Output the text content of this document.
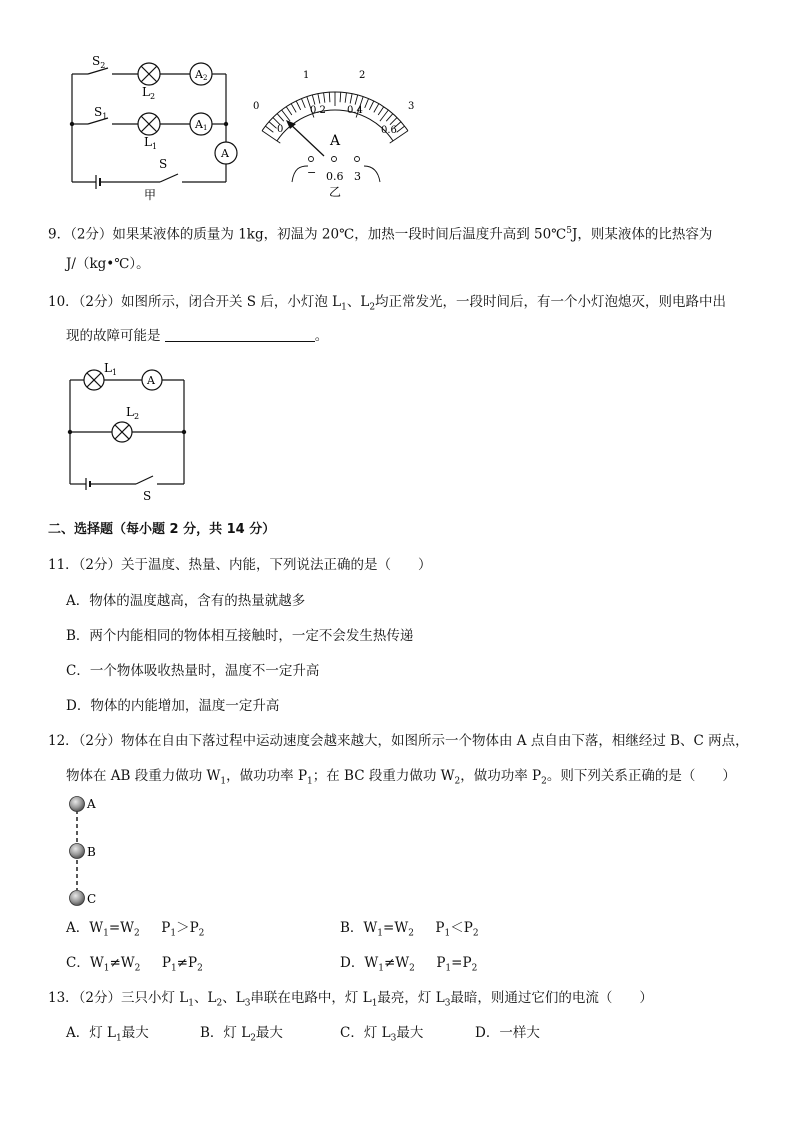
$S_2$
$L_2$
A2
$S_1$
$L_1$
A1
A
S
甲
0
1	2
3
0
0.2 0.4
0.6
A
− 0.6 3
乙
9．（2分）如果某液体的质量为 1kg，初温为 20℃，加热一段时间后温度升高到 50℃$^5$J，则某液体的比热容为
J/（kg•℃）。
10．（2分）如图所示，闭合开关 S 后，小灯泡 $L_1$、$L_2$均正常发光，一段时间后，有一个小灯泡熄灭，则电路中出
现的故障可能是	。
$L_1$
A
$L_2$
S
二、选择题（每小题 2 分，共 14 分）
11．（2分）关于温度、热量、内能，下列说法正确的是（　　）
A．物体的温度越高，含有的热量就越多
B．两个内能相同的物体相互接触时，一定不会发生热传递
C．一个物体吸收热量时，温度不一定升高
D．物体的内能增加，温度一定升高
12．（2分）物体在自由下落过程中运动速度会越来越大，如图所示一个物体由 A 点自由下落，相继经过 B、C 两点，
物体在 AB 段重力做功 $W_1$，做功功率 $P_1$；在 BC 段重力做功 $W_2$，做功功率 $P_2$。则下列关系正确的是（　　）
A
B
C
A．$W_1=W_2$ $P_1>P_2$	B．$W_1=W_2$ $P_1<P_2$
C．$W_1\ne W_2$ $P_1\ne P_2$	D．$W_1\ne W_2$ $P_1=P_2$
13．（2分）三只小灯 $L_1$、$L_2$、$L_3$串联在电路中，灯 $L_1$最亮，灯 $L_3$最暗，则通过它们的电流（　　）
A．灯 $L_1$最大	B．灯 $L_2$最大	C．灯 $L_3$最大	D．一样大
